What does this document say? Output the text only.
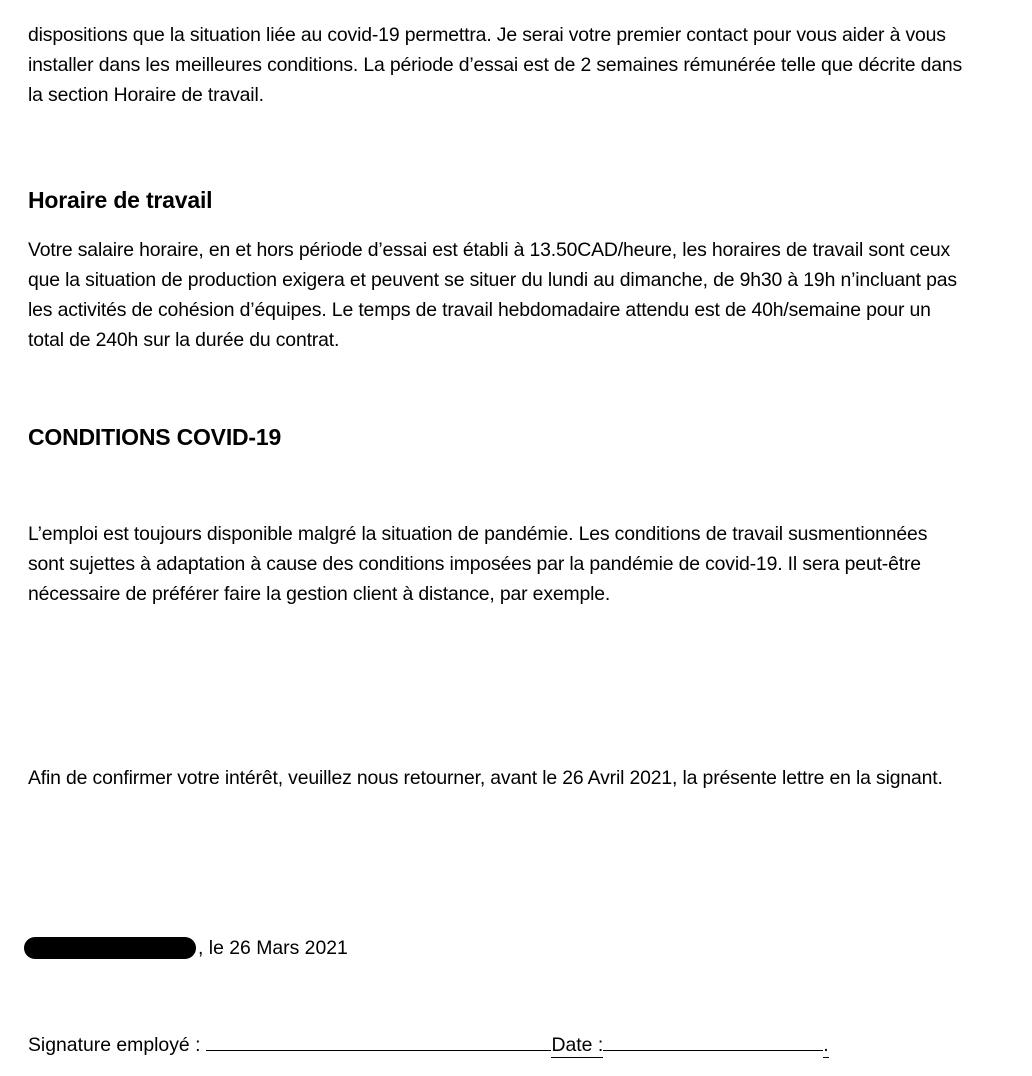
dispositions que la situation liée au covid-19 permettra. Je serai votre premier contact pour vous aider à vous installer dans les meilleures conditions. La période d’essai est de 2 semaines rémunérée telle que décrite dans la section Horaire de travail.

Horaire de travail

Votre salaire horaire, en et hors période d’essai est établi à 13.50CAD/heure, les horaires de travail sont ceux que la situation de production exigera et peuvent se situer du lundi au dimanche, de 9h30 à 19h n’incluant pas les activités de cohésion d’équipes. Le temps de travail hebdomadaire attendu est de 40h/semaine pour un total de 240h sur la durée du contrat.

CONDITIONS COVID-19

L’emploi est toujours disponible malgré la situation de pandémie. Les conditions de travail susmentionnées sont sujettes à adaptation à cause des conditions imposées par la pandémie de covid-19. Il sera peut-être nécessaire de préférer faire la gestion client à distance, par exemple.

Afin de confirmer votre intérêt, veuillez nous retourner, avant le 26 Avril 2021, la présente lettre en la signant.

, le 26 Mars 2021
Signature employé :	Date :	.
